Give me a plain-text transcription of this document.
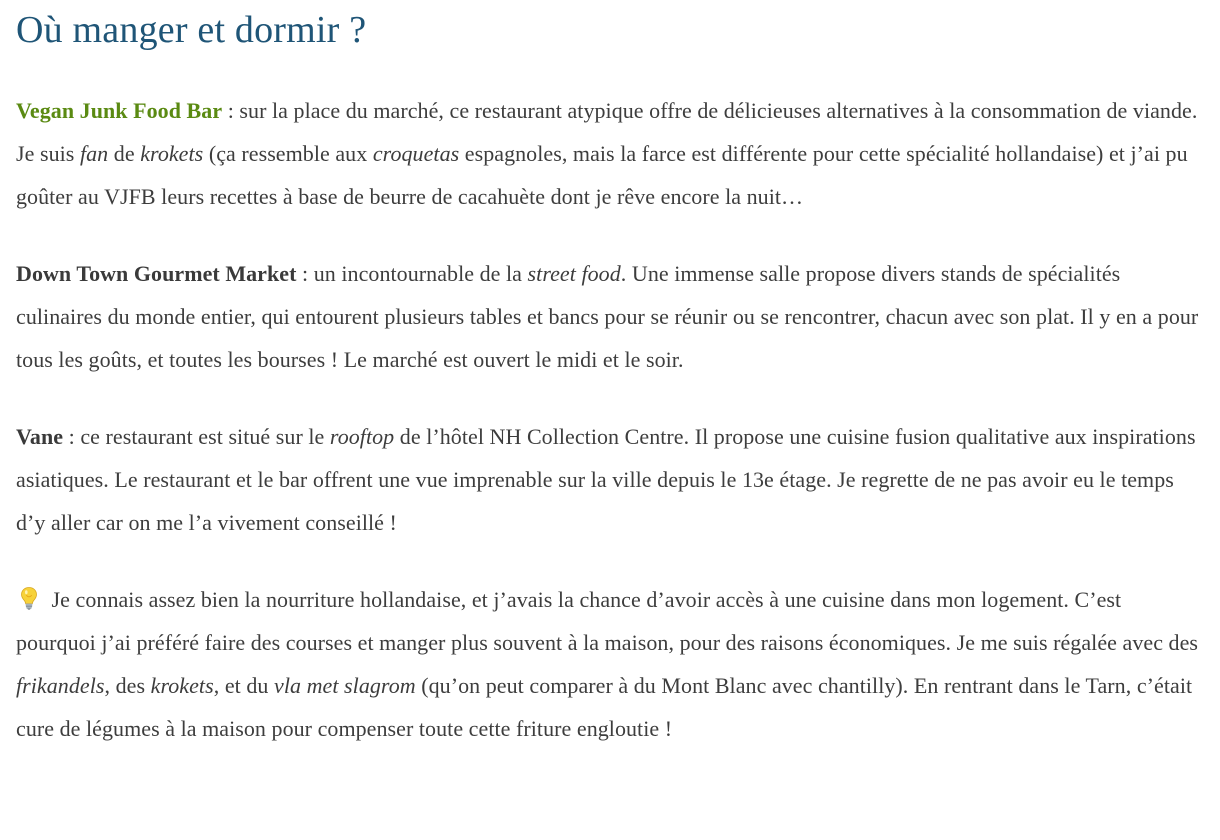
Où manger et dormir ?

Vegan Junk Food Bar : sur la place du marché, ce restaurant atypique offre de délicieuses alternatives à la consommation de viande. Je suis fan de krokets (ça ressemble aux croquetas espagnoles, mais la farce est différente pour cette spécialité hollandaise) et j’ai pu goûter au VJFB leurs recettes à base de beurre de cacahuète dont je rêve encore la nuit…

Down Town Gourmet Market : un incontournable de la street food. Une immense salle propose divers stands de spécialités culinaires du monde entier, qui entourent plusieurs tables et bancs pour se réunir ou se rencontrer, chacun avec son plat. Il y en a pour tous les goûts, et toutes les bourses ! Le marché est ouvert le midi et le soir.

Vane : ce restaurant est situé sur le rooftop de l’hôtel NH Collection Centre. Il propose une cuisine fusion qualitative aux inspirations asiatiques. Le restaurant et le bar offrent une vue imprenable sur la ville depuis le 13e étage. Je regrette de ne pas avoir eu le temps d’y aller car on me l’a vivement conseillé !

Je connais assez bien la nourriture hollandaise, et j’avais la chance d’avoir accès à une cuisine dans mon logement. C’est pourquoi j’ai préféré faire des courses et manger plus souvent à la maison, pour des raisons économiques. Je me suis régalée avec des frikandels, des krokets, et du vla met slagrom (qu’on peut comparer à du Mont Blanc avec chantilly). En rentrant dans le Tarn, c’était cure de légumes à la maison pour compenser toute cette friture engloutie !
